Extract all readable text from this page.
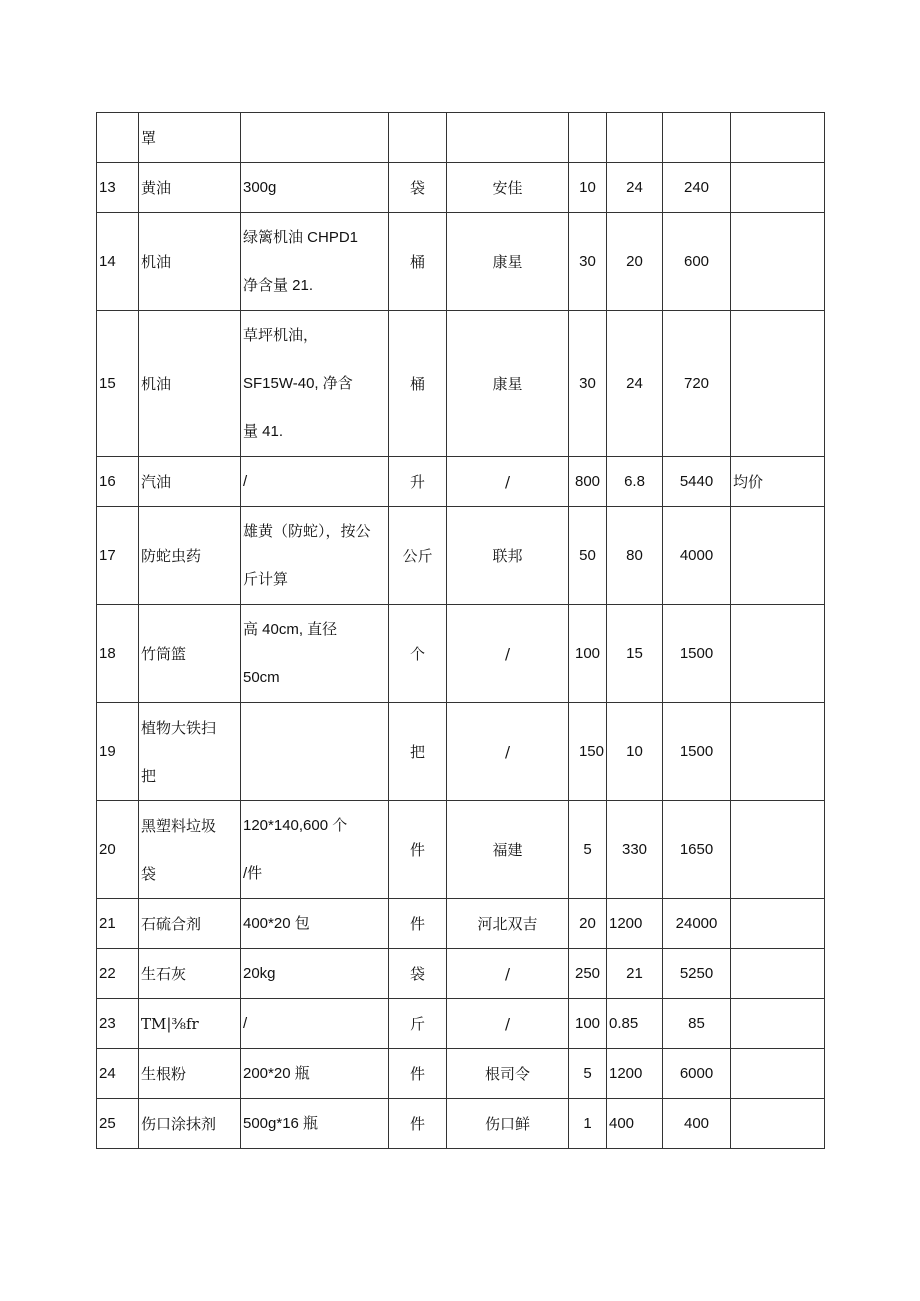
	罩							

13	黄油	300g	袋	安佳	10	24	240	

14	机油	绿篱机油 CHPD1
净含量 21.	桶	康星	30	20	600	

15	机油	草坪机油，
SF15W-40, 净含
量 41.	桶	康星	30	24	720	

16	汽油	/	升	/	800	6.8	5440	均价

17	防蛇虫药	雄黄（防蛇），按公
斤计算	公斤	联邦	50	80	4000	

18	竹筒篮	高 40cm, 直径
50cm	个	/	100	15	1500	

19	植物大铁扫
把		把	/	150	10	1500	

20	黑塑料垃圾
袋	120*140,600 个
/件	件	福建	5	330	1650	

21	石硫合剂	400*20 包	件	河北双吉	20	1200	24000	

22	生石灰	20kg	袋	/	250	21	5250	

23	TM|⅜fr	/	斤	/	100	0.85	85	

24	生根粉	200*20 瓶	件	根司令	5	1200	6000	

25	伤口涂抹剂	500g*16 瓶	件	伤口鲜	1	400	400	
